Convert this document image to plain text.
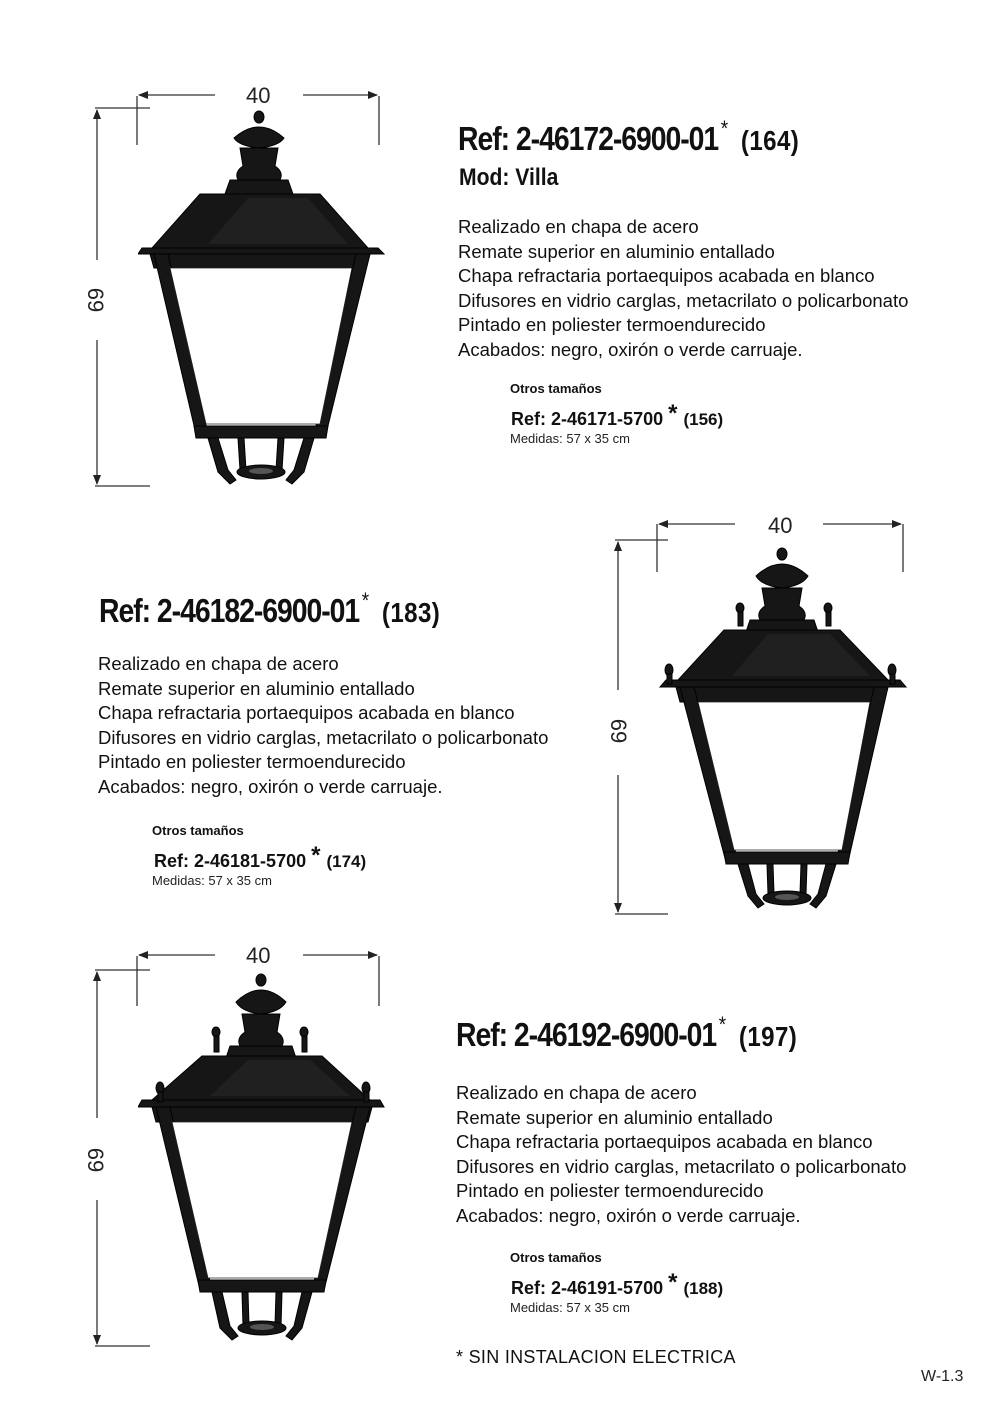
40
69
40
69
40
69
Ref: 2-46172-6900-01 * (164)
Mod: Villa
Realizado en chapa de acero
Remate superior en aluminio entallado
Chapa refractaria portaequipos acabada en blanco
Difusores en vidrio carglas, metacrilato o policarbonato
Pintado en poliester termoendurecido
Acabados: negro, oxirón o verde carruaje.
Otros tamaños
Ref: 2-46171-5700 * (156)
Medidas: 57 x 35 cm
Ref: 2-46182-6900-01 * (183)
Realizado en chapa de acero
Remate superior en aluminio entallado
Chapa refractaria portaequipos acabada en blanco
Difusores en vidrio carglas, metacrilato o policarbonato
Pintado en poliester termoendurecido
Acabados: negro, oxirón o verde carruaje.
Otros tamaños
Ref: 2-46181-5700 * (174)
Medidas: 57 x 35 cm
Ref: 2-46192-6900-01 * (197)
Realizado en chapa de acero
Remate superior en aluminio entallado
Chapa refractaria portaequipos acabada en blanco
Difusores en vidrio carglas, metacrilato o policarbonato
Pintado en poliester termoendurecido
Acabados: negro, oxirón o verde carruaje.
Otros tamaños
Ref: 2-46191-5700 * (188)
Medidas: 57 x 35 cm
* SIN INSTALACION ELECTRICA
W-1.3
